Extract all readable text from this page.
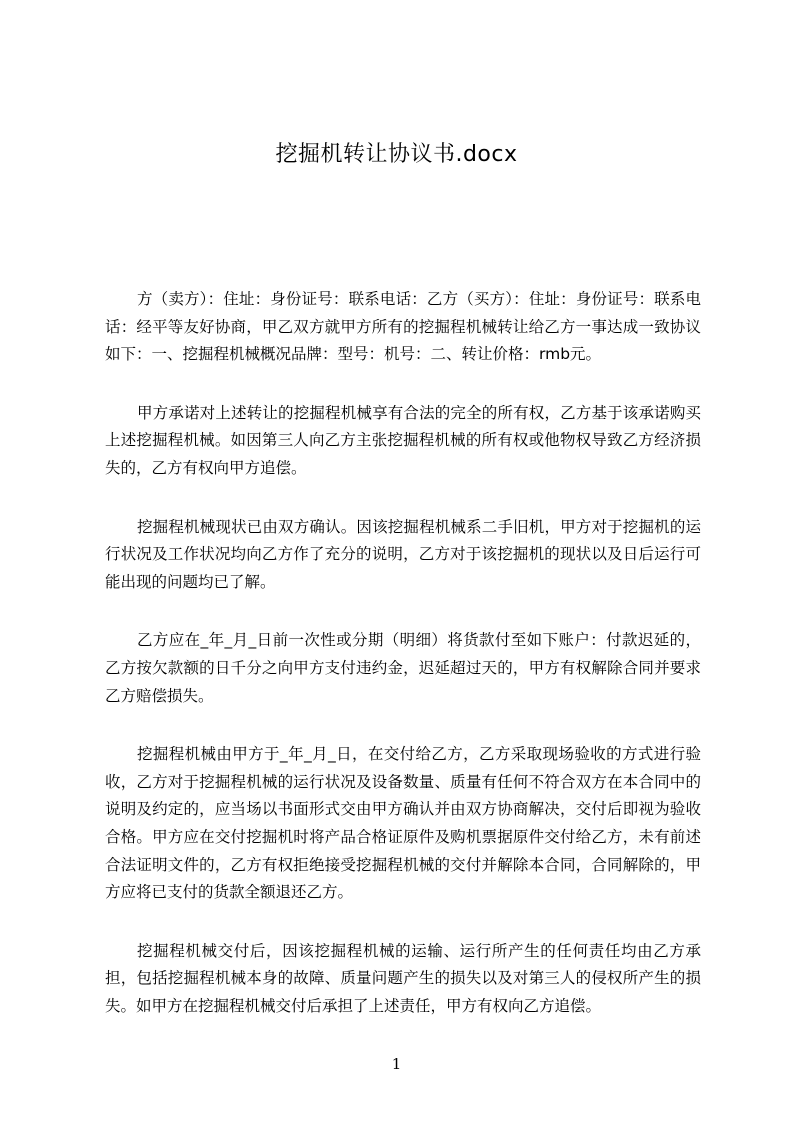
挖掘机转让协议书.docx

方（卖方）：住址：身份证号：联系电话：乙方（买方）：住址：身份证号：联系电话：经平等友好协商，甲乙双方就甲方所有的挖掘程机械转让给乙方一事达成一致协议如下：一、挖掘程机械概况品牌：型号：机号：二、转让价格：rmb元。

甲方承诺对上述转让的挖掘程机械享有合法的完全的所有权，乙方基于该承诺购买上述挖掘程机械。如因第三人向乙方主张挖掘程机械的所有权或他物权导致乙方经济损失的，乙方有权向甲方追偿。

挖掘程机械现状已由双方确认。因该挖掘程机械系二手旧机，甲方对于挖掘机的运行状况及工作状况均向乙方作了充分的说明，乙方对于该挖掘机的现状以及日后运行可能出现的问题均已了解。

乙方应在_年_月_日前一次性或分期（明细）将货款付至如下账户：付款迟延的，乙方按欠款额的日千分之向甲方支付违约金，迟延超过天的，甲方有权解除合同并要求乙方赔偿损失。

挖掘程机械由甲方于_年_月_日，在交付给乙方，乙方采取现场验收的方式进行验收，乙方对于挖掘程机械的运行状况及设备数量、质量有任何不符合双方在本合同中的说明及约定的，应当场以书面形式交由甲方确认并由双方协商解决，交付后即视为验收合格。甲方应在交付挖掘机时将产品合格证原件及购机票据原件交付给乙方，未有前述合法证明文件的，乙方有权拒绝接受挖掘程机械的交付并解除本合同，合同解除的，甲方应将已支付的货款全额退还乙方。

挖掘程机械交付后，因该挖掘程机械的运输、运行所产生的任何责任均由乙方承担，包括挖掘程机械本身的故障、质量问题产生的损失以及对第三人的侵权所产生的损失。如甲方在挖掘程机械交付后承担了上述责任，甲方有权向乙方追偿。

1
